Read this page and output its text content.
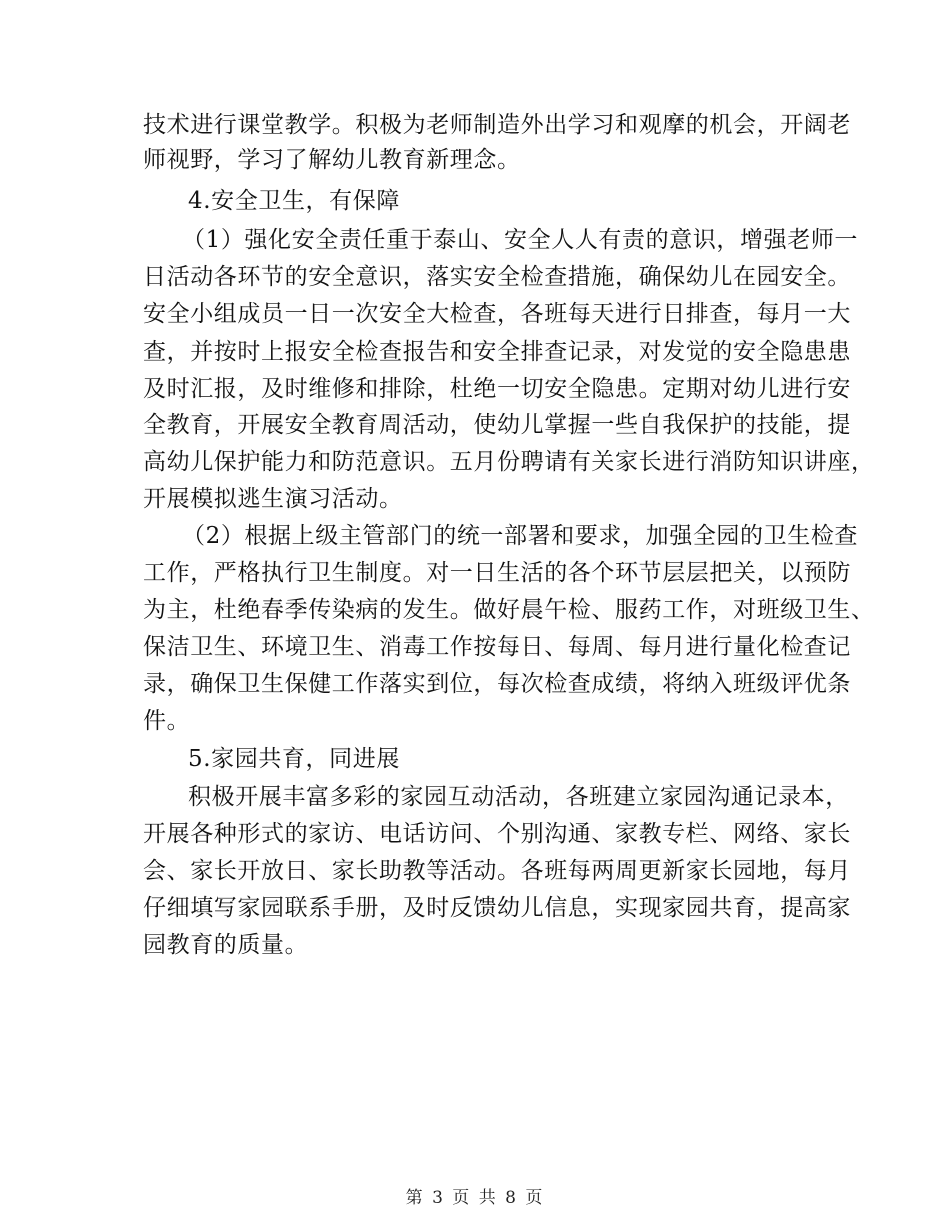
技术进行课堂教学。积极为老师制造外出学习和观摩的机会，开阔老
师视野，学习了解幼儿教育新理念。
4.安全卫生，有保障
（1）强化安全责任重于泰山、安全人人有责的意识，增强老师一
日活动各环节的安全意识，落实安全检查措施，确保幼儿在园安全。
安全小组成员一日一次安全大检查，各班每天进行日排查，每月一大
查，并按时上报安全检查报告和安全排查记录，对发觉的安全隐患患
及时汇报，及时维修和排除，杜绝一切安全隐患。定期对幼儿进行安
全教育，开展安全教育周活动，使幼儿掌握一些自我保护的技能，提
高幼儿保护能力和防范意识。五月份聘请有关家长进行消防知识讲座，
开展模拟逃生演习活动。
（2）根据上级主管部门的统一部署和要求，加强全园的卫生检查
工作，严格执行卫生制度。对一日生活的各个环节层层把关，以预防
为主，杜绝春季传染病的发生。做好晨午检、服药工作，对班级卫生、
保洁卫生、环境卫生、消毒工作按每日、每周、每月进行量化检查记
录，确保卫生保健工作落实到位，每次检查成绩，将纳入班级评优条
件。
5.家园共育，同进展
积极开展丰富多彩的家园互动活动，各班建立家园沟通记录本，
开展各种形式的家访、电话访问、个别沟通、家教专栏、网络、家长
会、家长开放日、家长助教等活动。各班每两周更新家长园地，每月
仔细填写家园联系手册，及时反馈幼儿信息，实现家园共育，提高家
园教育的质量。
第 3 页 共 8 页
